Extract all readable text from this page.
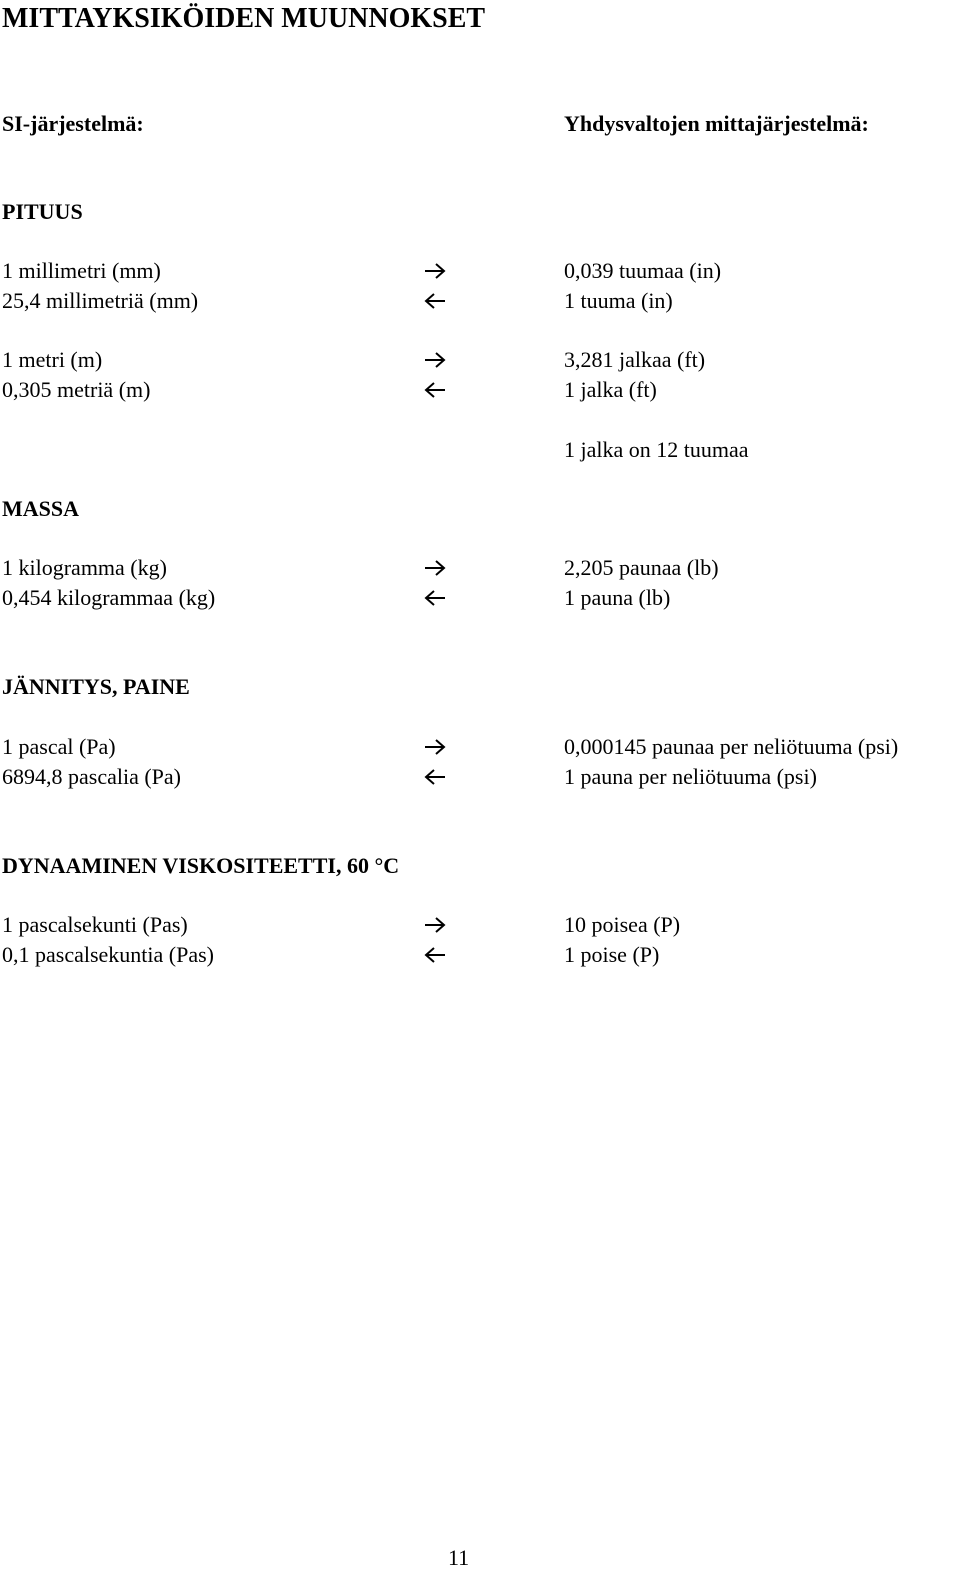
MITTAYKSIKÖIDEN MUUNNOKSET
SI-järjestelmä:	Yhdysvaltojen mittajärjestelmä:
PITUUS
1 millimetri (mm)	0,039 tuumaa (in)
25,4 millimetriä (mm)	1 tuuma (in)
1 metri (m)	3,281 jalkaa (ft)
0,305 metriä (m)	1 jalka (ft)
1 jalka on 12 tuumaa
MASSA
1 kilogramma (kg)	2,205 paunaa (lb)
0,454 kilogrammaa (kg)	1 pauna (lb)
JÄNNITYS, PAINE
1 pascal (Pa)	0,000145 paunaa per neliötuuma (psi)
6894,8 pascalia (Pa)	1 pauna per neliötuuma (psi)
DYNAAMINEN VISKOSITEETTI, 60 °C
1 pascalsekunti (Pas)	10 poisea (P)
0,1 pascalsekuntia (Pas)	1 poise (P)
11
